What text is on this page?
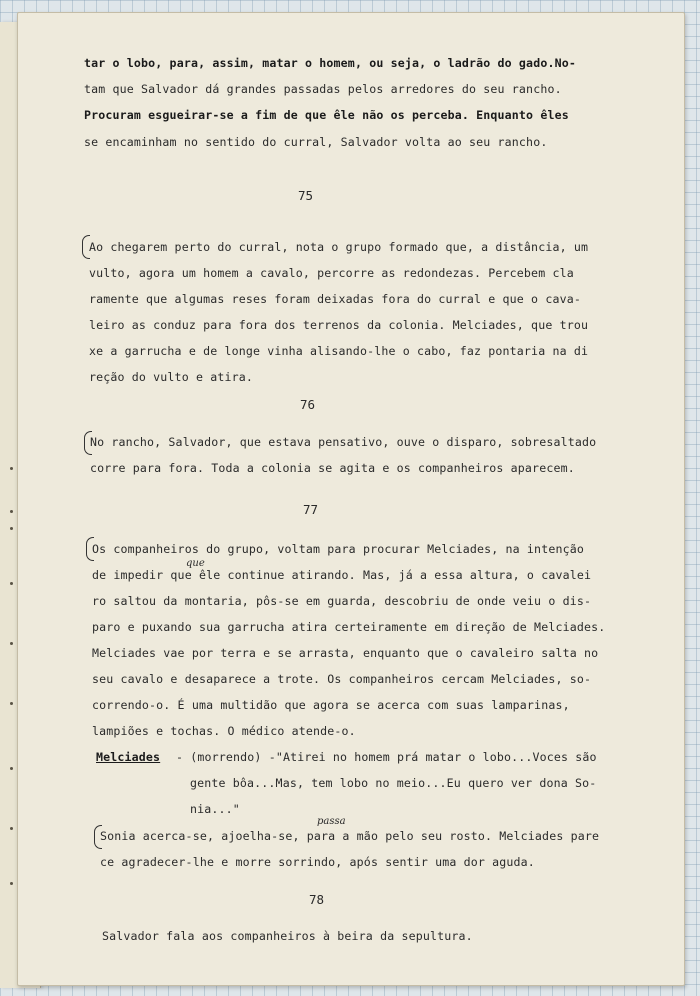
tar o lobo, para, assim, matar o homem, ou seja, o ladrão do gado.No-
tam que Salvador dá grandes passadas pelos arredores do seu rancho.
Procuram esgueirar-se a fim de que êle não os perceba. Enquanto êles
se encaminham no sentido do curral, Salvador volta ao seu rancho.
75
Ao chegarem perto do curral, nota o grupo formado que, a distância, um
vulto, agora um homem a cavalo, percorre as redondezas. Percebem cla
ramente que algumas reses foram deixadas fora do curral e que o cava-
leiro as conduz para fora dos terrenos da colonia. Melciades, que trou
xe a garrucha e de longe vinha alisando-lhe o cabo, faz pontaria na di
reção do vulto e atira.
76
No rancho, Salvador, que estava pensativo, ouve o disparo, sobresaltado
corre para fora. Toda a colonia se agita e os companheiros aparecem.
77
Os companheiros do grupo, voltam para procurar Melciades, na intenção
que
de impedir que êle continue atirando. Mas, já a essa altura, o cavalei
ro saltou da montaria, pôs-se em guarda, descobriu de onde veiu o dis-
paro e puxando sua garrucha atira certeiramente em direção de Melciades.
Melciades vae por terra e se arrasta, enquanto que o cavaleiro salta no
seu cavalo e desaparece a trote. Os companheiros cercam Melciades, so-
correndo-o. É uma multidão que agora se acerca com suas lamparinas,
lampiões e tochas. O médico atende-o.
Melciades - (morrendo) -"Atirei no homem prá matar o lobo...Voces são
gente bôa...Mas, tem lobo no meio...Eu quero ver dona So-
nia..."
passa
Sonia acerca-se, ajoelha-se, para a mão pelo seu rosto. Melciades pare
ce agradecer-lhe e morre sorrindo, após sentir uma dor aguda.
78
Salvador fala aos companheiros à beira da sepultura.
